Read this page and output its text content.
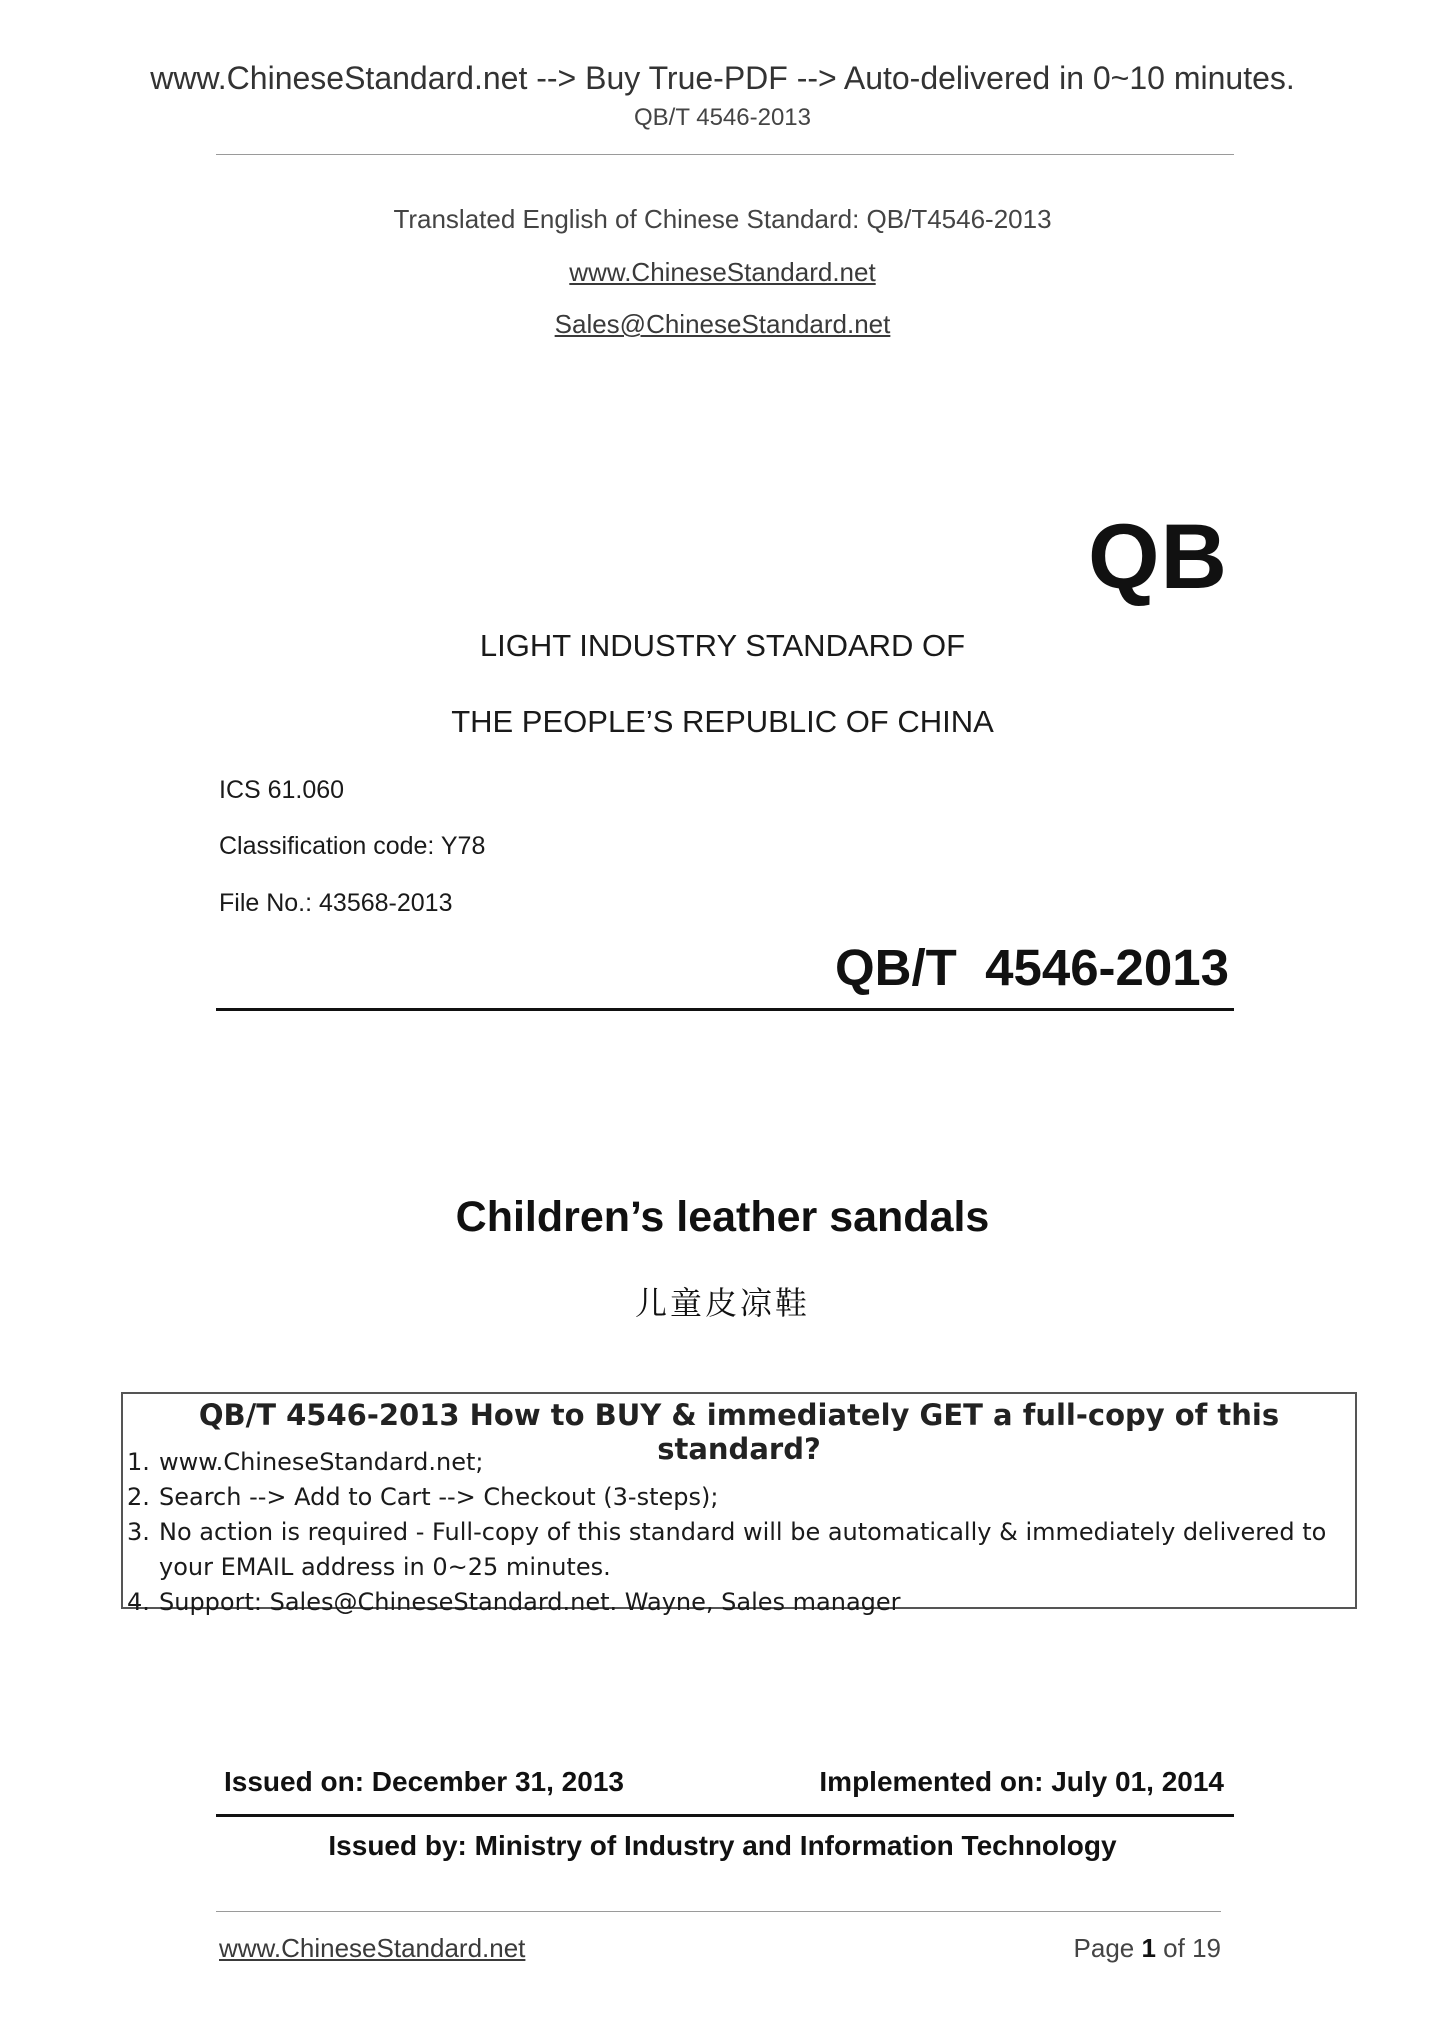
www.ChineseStandard.net --> Buy True-PDF --> Auto-delivered in 0~10 minutes.
QB/T 4546-2013
Translated English of Chinese Standard: QB/T4546-2013
www.ChineseStandard.net
Sales@ChineseStandard.net
QB
LIGHT INDUSTRY STANDARD OF
THE PEOPLE’S REPUBLIC OF CHINA
ICS 61.060
Classification code: Y78
File No.: 43568-2013
QB/T  4546-2013
Children’s leather sandals
儿童皮凉鞋
QB/T 4546-2013 How to BUY & immediately GET a full-copy of this standard?
1. www.ChineseStandard.net;
2. Search --> Add to Cart --> Checkout (3-steps);
3. No action is required - Full-copy of this standard will be automatically & immediately delivered to
your EMAIL address in 0~25 minutes.
4. Support: Sales@ChineseStandard.net. Wayne, Sales manager
Issued on: December 31, 2013	Implemented on: July 01, 2014
Issued by: Ministry of Industry and Information Technology
www.ChineseStandard.net	Page 1 of 19
